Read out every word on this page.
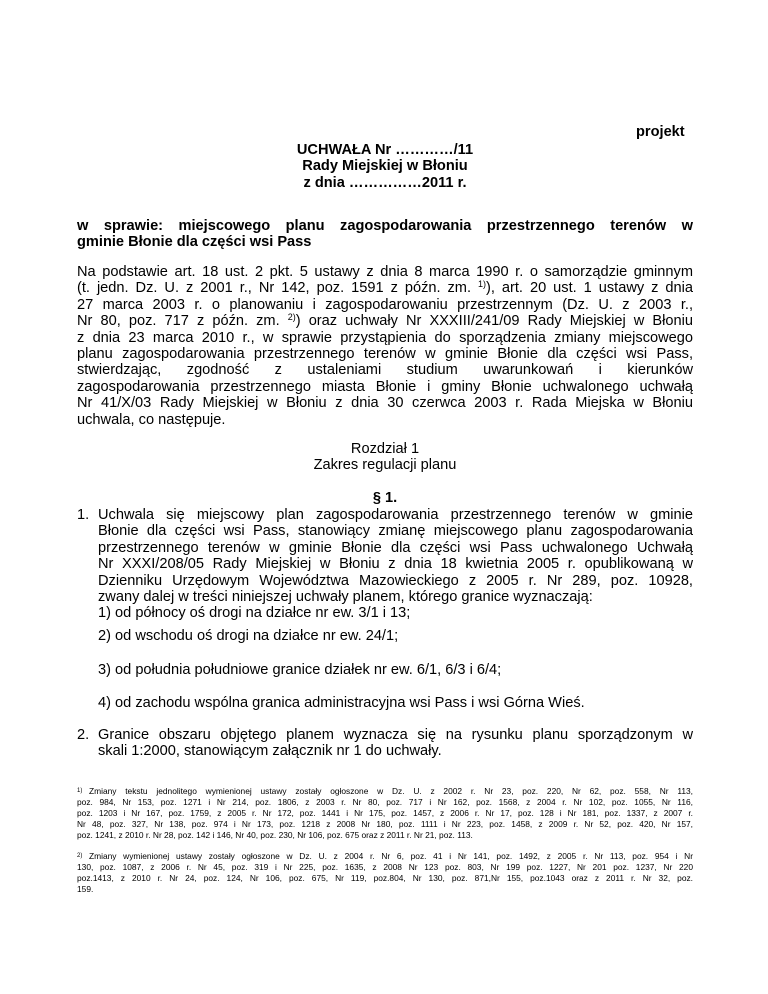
projekt
UCHWAŁA Nr …………/11
Rady Miejskiej w Błoniu
z dnia ……………2011 r.
w sprawie: miejscowego planu zagospodarowania przestrzennego terenów w
gminie Błonie dla części wsi Pass
Na podstawie art. 18 ust. 2 pkt. 5 ustawy z dnia 8 marca 1990 r. o samorządzie gminnym
(t. jedn. Dz. U. z 2001 r., Nr 142, poz. 1591 z późn. zm. $^{1)}$), art. 20 ust. 1 ustawy z dnia
27 marca 2003 r. o planowaniu i zagospodarowaniu przestrzennym (Dz. U. z 2003 r.,
Nr 80, poz. 717 z późn. zm. $^{2)}$) oraz uchwały Nr XXXIII/241/09 Rady Miejskiej w Błoniu
z dnia 23 marca 2010 r., w sprawie przystąpienia do sporządzenia zmiany miejscowego
planu zagospodarowania przestrzennego terenów w gminie Błonie dla części wsi Pass,
stwierdzając, zgodność z ustaleniami studium uwarunkowań i kierunków
zagospodarowania przestrzennego miasta Błonie i gminy Błonie uchwalonego uchwałą
Nr 41/X/03 Rady Miejskiej w Błoniu z dnia 30 czerwca 2003 r. Rada Miejska w Błoniu
uchwala, co następuje.
Rozdział 1
Zakres regulacji planu
§ 1.
1. Uchwala się miejscowy plan zagospodarowania przestrzennego terenów w gminie
Błonie dla części wsi Pass, stanowiący zmianę miejscowego planu zagospodarowania
przestrzennego terenów w gminie Błonie dla części wsi Pass uchwalonego Uchwałą
Nr XXXI/208/05 Rady Miejskiej w Błoniu z dnia 18 kwietnia 2005 r. opublikowaną w
Dzienniku Urzędowym Województwa Mazowieckiego z 2005 r. Nr 289, poz. 10928,
zwany dalej w treści niniejszej uchwały planem, którego granice wyznaczają:
1) od północy oś drogi na działce nr ew. 3/1 i 13;
2) od wschodu oś drogi na działce nr ew. 24/1;
3) od południa południowe granice działek nr ew. 6/1, 6/3 i 6/4;
4) od zachodu wspólna granica administracyjna wsi Pass i wsi Górna Wieś.
2. Granice obszaru objętego planem wyznacza się na rysunku planu sporządzonym w
skali 1:2000, stanowiącym załącznik nr 1 do uchwały.
$^{1)}$ Zmiany tekstu jednolitego wymienionej ustawy zostały ogłoszone w Dz. U. z 2002 r. Nr 23, poz. 220, Nr 62, poz. 558, Nr 113,
poz. 984, Nr 153, poz. 1271 i Nr 214, poz. 1806, z 2003 r. Nr 80, poz. 717 i Nr 162, poz. 1568, z 2004 r. Nr 102, poz. 1055, Nr 116,
poz. 1203 i Nr 167, poz. 1759, z 2005 r. Nr 172, poz. 1441 i Nr 175, poz. 1457, z 2006 r. Nr 17, poz. 128 i Nr 181, poz. 1337, z 2007 r.
Nr 48, poz. 327, Nr 138, poz. 974 i Nr 173, poz. 1218 z 2008 Nr 180, poz. 1111 i Nr 223, poz. 1458, z 2009 r. Nr 52, poz. 420, Nr 157,
poz. 1241, z 2010 r. Nr 28, poz. 142 i 146, Nr 40, poz. 230, Nr 106, poz. 675 oraz z 2011 r. Nr 21, poz. 113.
$^{2)}$ Zmiany wymienionej ustawy zostały ogłoszone w Dz. U. z 2004 r. Nr 6, poz. 41 i Nr 141, poz. 1492, z 2005 r. Nr 113, poz. 954 i Nr
130, poz. 1087, z 2006 r. Nr 45, poz. 319 i Nr 225, poz. 1635, z 2008 Nr 123 poz. 803, Nr 199 poz. 1227, Nr 201 poz. 1237, Nr 220
poz.1413, z 2010 r. Nr 24, poz. 124, Nr 106, poz. 675, Nr 119, poz.804, Nr 130, poz. 871,Nr 155, poz.1043 oraz z 2011 r. Nr 32, poz.
159.
